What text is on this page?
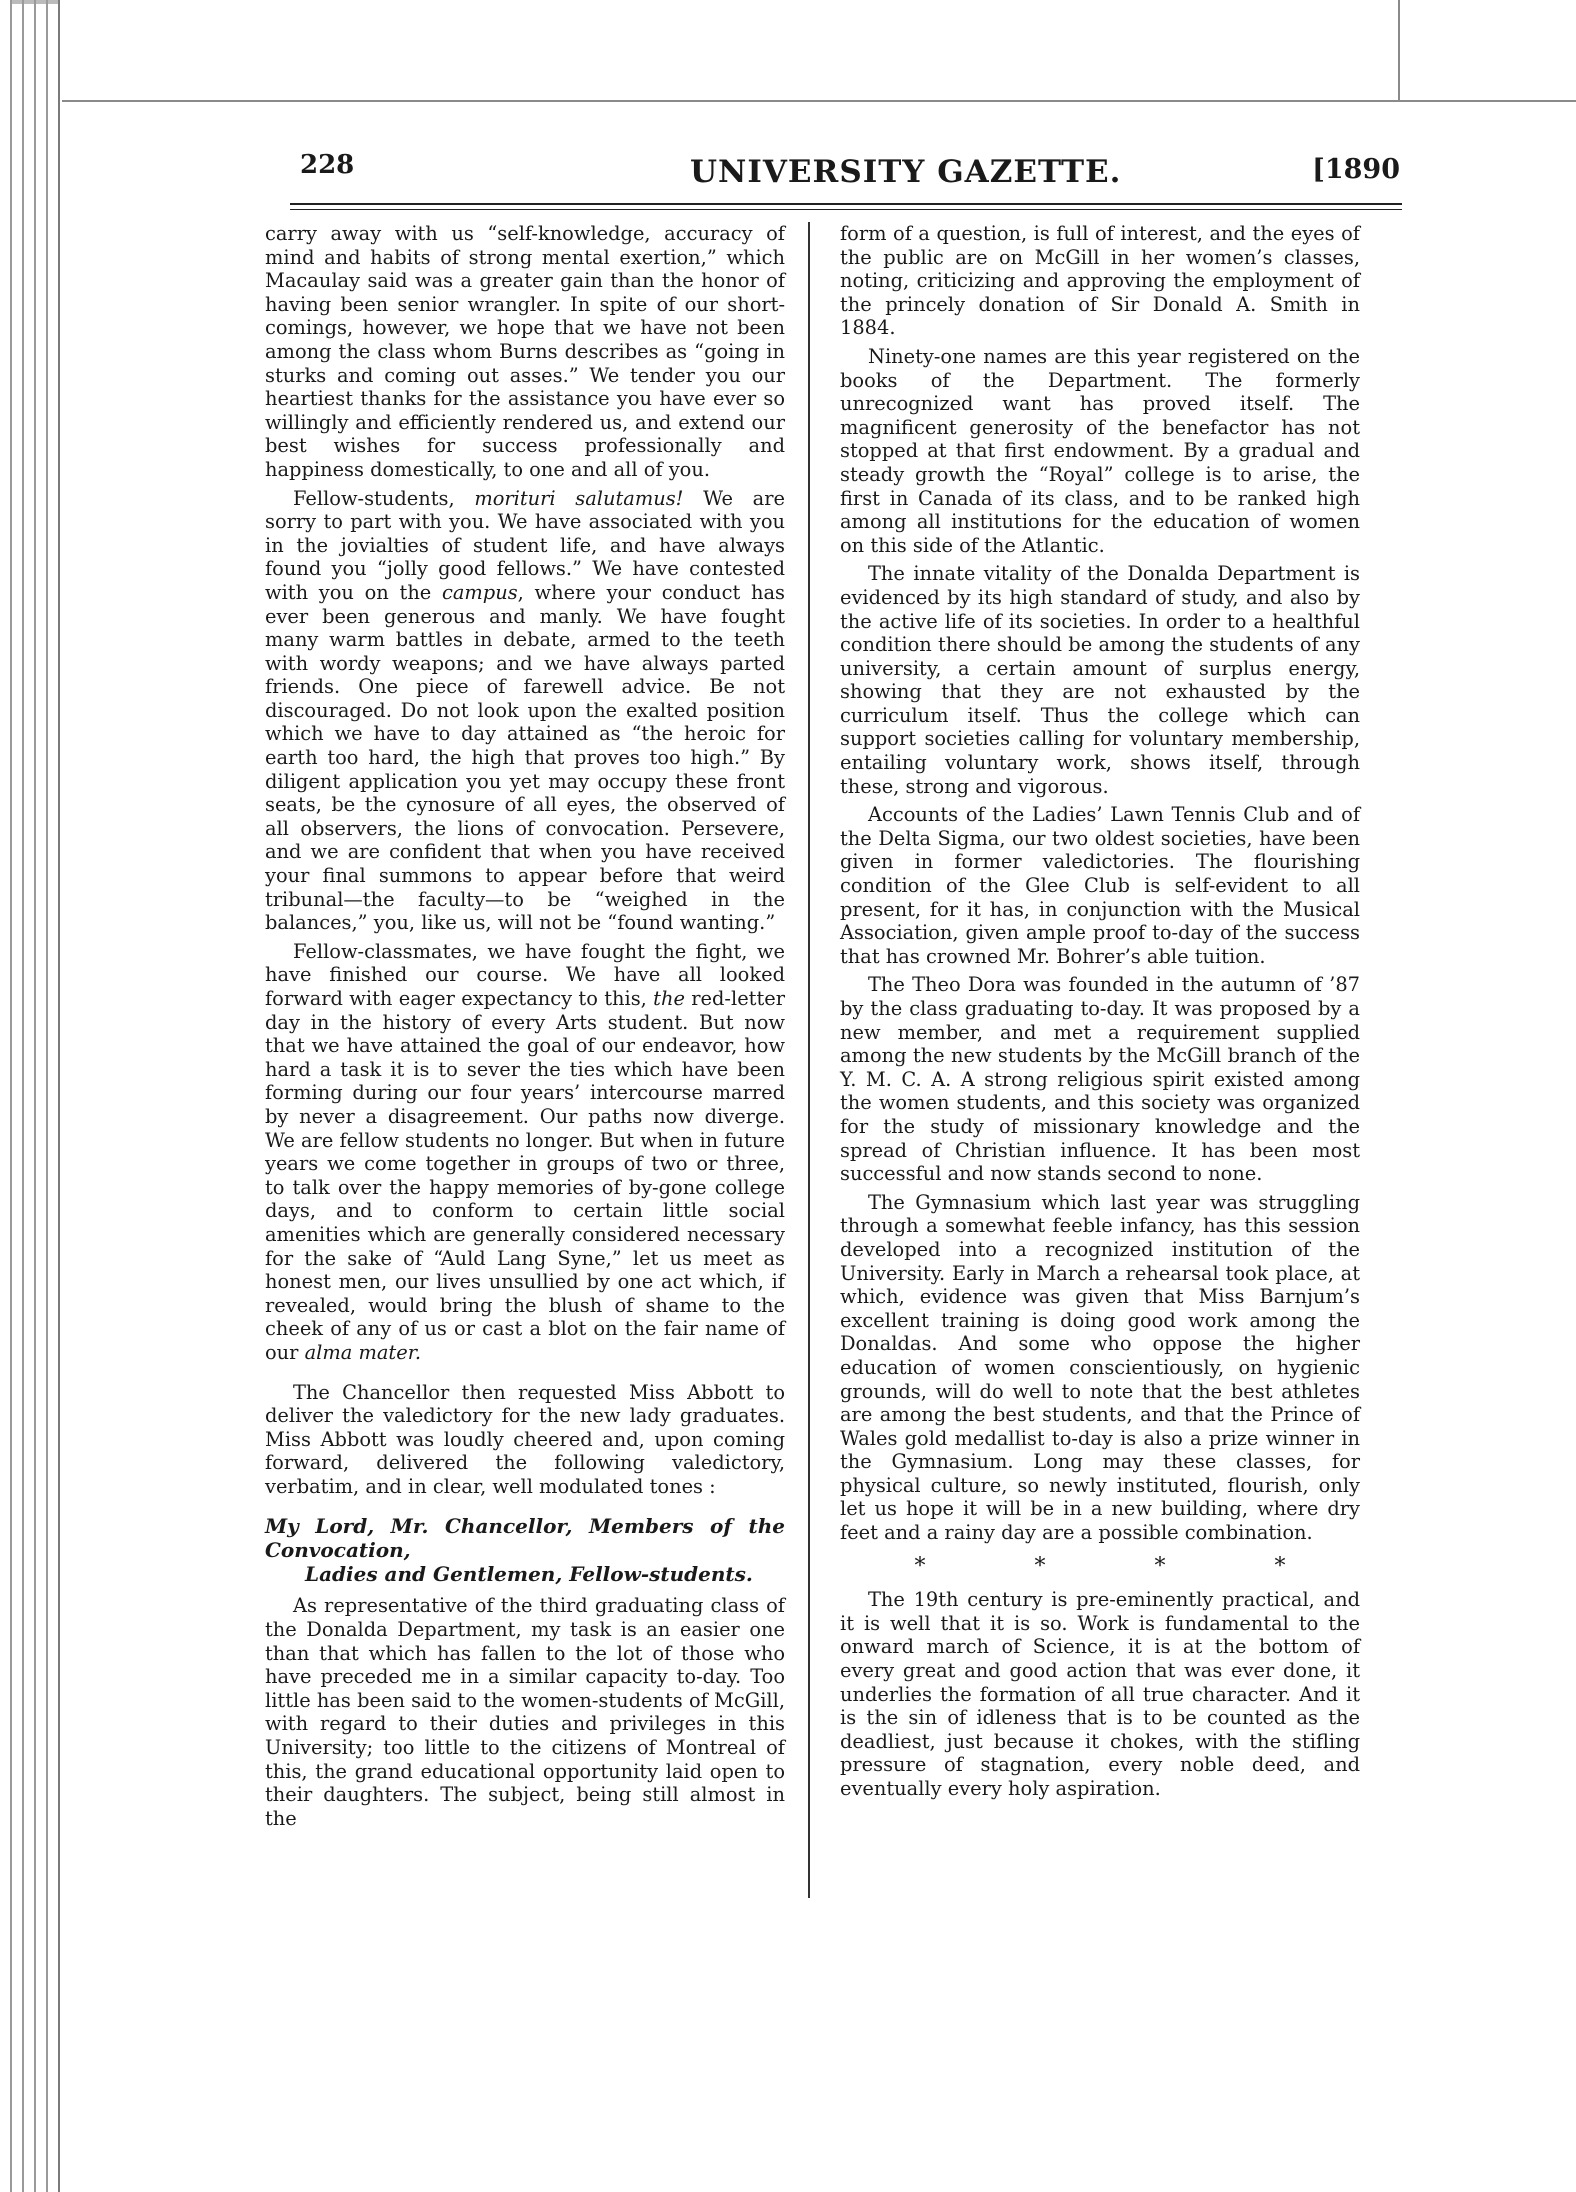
228	UNIVERSITY GAZETTE.	[1890

carry away with us “self-knowledge, accuracy of mind and habits of strong mental exertion,” which Macaulay said was a greater gain than the honor of having been senior wrangler. In spite of our short-comings, however, we hope that we have not been among the class whom Burns describes as “going in sturks and coming out asses.” We tender you our heartiest thanks for the assistance you have ever so willingly and efficiently rendered us, and extend our best wishes for success professionally and happiness domestically, to one and all of you.

Fellow-students, morituri salutamus! We are sorry to part with you. We have associated with you in the jovialties of student life, and have always found you “jolly good fellows.” We have contested with you on the campus, where your conduct has ever been generous and manly. We have fought many warm battles in debate, armed to the teeth with wordy weapons; and we have always parted friends. One piece of farewell advice. Be not discouraged. Do not look upon the exalted position which we have to day attained as “the heroic for earth too hard, the high that proves too high.” By diligent application you yet may occupy these front seats, be the cynosure of all eyes, the observed of all observers, the lions of convocation. Persevere, and we are confident that when you have received your final summons to appear before that weird tribunal—the faculty—to be “weighed in the balances,” you, like us, will not be “found wanting.”

Fellow-classmates, we have fought the fight, we have finished our course. We have all looked forward with eager expectancy to this, the red-letter day in the history of every Arts student. But now that we have attained the goal of our endeavor, how hard a task it is to sever the ties which have been forming during our four years’ intercourse marred by never a disagreement. Our paths now diverge. We are fellow students no longer. But when in future years we come together in groups of two or three, to talk over the happy memories of by-gone college days, and to conform to certain little social amenities which are generally considered necessary for the sake of “Auld Lang Syne,” let us meet as honest men, our lives unsullied by one act which, if revealed, would bring the blush of shame to the cheek of any of us or cast a blot on the fair name of our alma mater.

The Chancellor then requested Miss Abbott to deliver the valedictory for the new lady graduates. Miss Abbott was loudly cheered and, upon coming forward, delivered the following valedictory, verbatim, and in clear, well modulated tones :

My Lord, Mr. Chancellor, Members of the Convocation,
Ladies and Gentlemen, Fellow-students.

As representative of the third graduating class of the Donalda Department, my task is an easier one than that which has fallen to the lot of those who have preceded me in a similar capacity to-day. Too little has been said to the women-students of McGill, with regard to their duties and privileges in this University; too little to the citizens of Montreal of this, the grand educational opportunity laid open to their daughters. The subject, being still almost in the

form of a question, is full of interest, and the eyes of the public are on McGill in her women’s classes, noting, criticizing and approving the employment of the princely donation of Sir Donald A. Smith in 1884.

Ninety-one names are this year registered on the books of the Department. The formerly unrecognized want has proved itself. The magnificent generosity of the benefactor has not stopped at that first endowment. By a gradual and steady growth the “Royal” college is to arise, the first in Canada of its class, and to be ranked high among all institutions for the education of women on this side of the Atlantic.

The innate vitality of the Donalda Department is evidenced by its high standard of study, and also by the active life of its societies. In order to a healthful condition there should be among the students of any university, a certain amount of surplus energy, showing that they are not exhausted by the curriculum itself. Thus the college which can support societies calling for voluntary membership, entailing voluntary work, shows itself, through these, strong and vigorous.

Accounts of the Ladies’ Lawn Tennis Club and of the Delta Sigma, our two oldest societies, have been given in former valedictories. The flourishing condition of the Glee Club is self-evident to all present, for it has, in conjunction with the Musical Association, given ample proof to-day of the success that has crowned Mr. Bohrer’s able tuition.

The Theo Dora was founded in the autumn of ’87 by the class graduating to-day. It was proposed by a new member, and met a requirement supplied among the new students by the McGill branch of the Y. M. C. A. A strong religious spirit existed among the women students, and this society was organized for the study of missionary knowledge and the spread of Christian influence. It has been most successful and now stands second to none.

The Gymnasium which last year was struggling through a somewhat feeble infancy, has this session developed into a recognized institution of the University. Early in March a rehearsal took place, at which, evidence was given that Miss Barnjum’s excellent training is doing good work among the Donaldas. And some who oppose the higher education of women conscientiously, on hygienic grounds, will do well to note that the best athletes are among the best students, and that the Prince of Wales gold medallist to-day is also a prize winner in the Gymnasium. Long may these classes, for physical culture, so newly instituted, flourish, only let us hope it will be in a new building, where dry feet and a rainy day are a possible combination.

*	*	*	*

The 19th century is pre-eminently practical, and it is well that it is so. Work is fundamental to the onward march of Science, it is at the bottom of every great and good action that was ever done, it underlies the formation of all true character. And it is the sin of idleness that is to be counted as the deadliest, just because it chokes, with the stifling pressure of stagnation, every noble deed, and eventually every holy aspiration.
